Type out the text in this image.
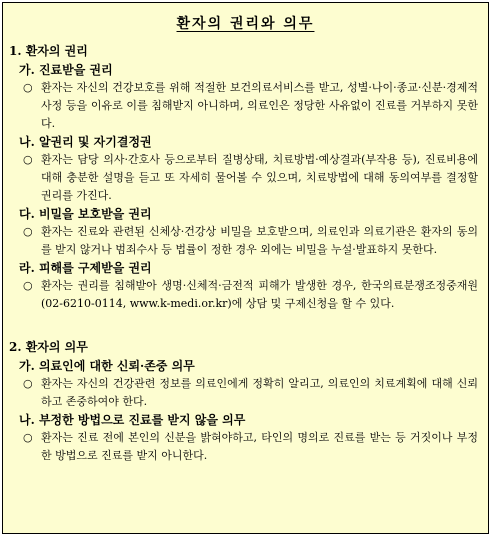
환자의 권리와 의무
1. 환자의 권리
가. 진료받을 권리
○ 환자는 자신의 건강보호를 위해 적절한 보건의료서비스를 받고, 성별·나이·종교·신분·경제적 사정 등을 이유로 이를 침해받지 아니하며, 의료인은 정당한 사유없이 진료를 거부하지 못한다.
나. 알권리 및 자기결정권
○ 환자는 담당 의사·간호사 등으로부터 질병상태, 치료방법·예상결과(부작용 등), 진료비용에 대해 충분한 설명을 듣고 또 자세히 물어볼 수 있으며, 치료방법에 대해 동의여부를 결정할 권리를 가진다.
다. 비밀을 보호받을 권리
○ 환자는 진료와 관련된 신체상·건강상 비밀을 보호받으며, 의료인과 의료기관은 환자의 동의를 받지 않거나 범죄수사 등 법률이 정한 경우 외에는 비밀을 누설·발표하지 못한다.
라. 피해를 구제받을 권리
○ 환자는 권리를 침해받아 생명·신체적·금전적 피해가 발생한 경우, 한국의료분쟁조정중재원(02-6210-0114, www.k-medi.or.kr)에 상담 및 구제신청을 할 수 있다.
2. 환자의 의무
가. 의료인에 대한 신뢰·존중 의무
○ 환자는 자신의 건강관련 정보를 의료인에게 정확히 알리고, 의료인의 치료계획에 대해 신뢰하고 존중하여야 한다.
나. 부정한 방법으로 진료를 받지 않을 의무
○ 환자는 진료 전에 본인의 신분을 밝혀야하고, 타인의 명의로 진료를 받는 등 거짓이나 부정한 방법으로 진료를 받지 아니한다.
